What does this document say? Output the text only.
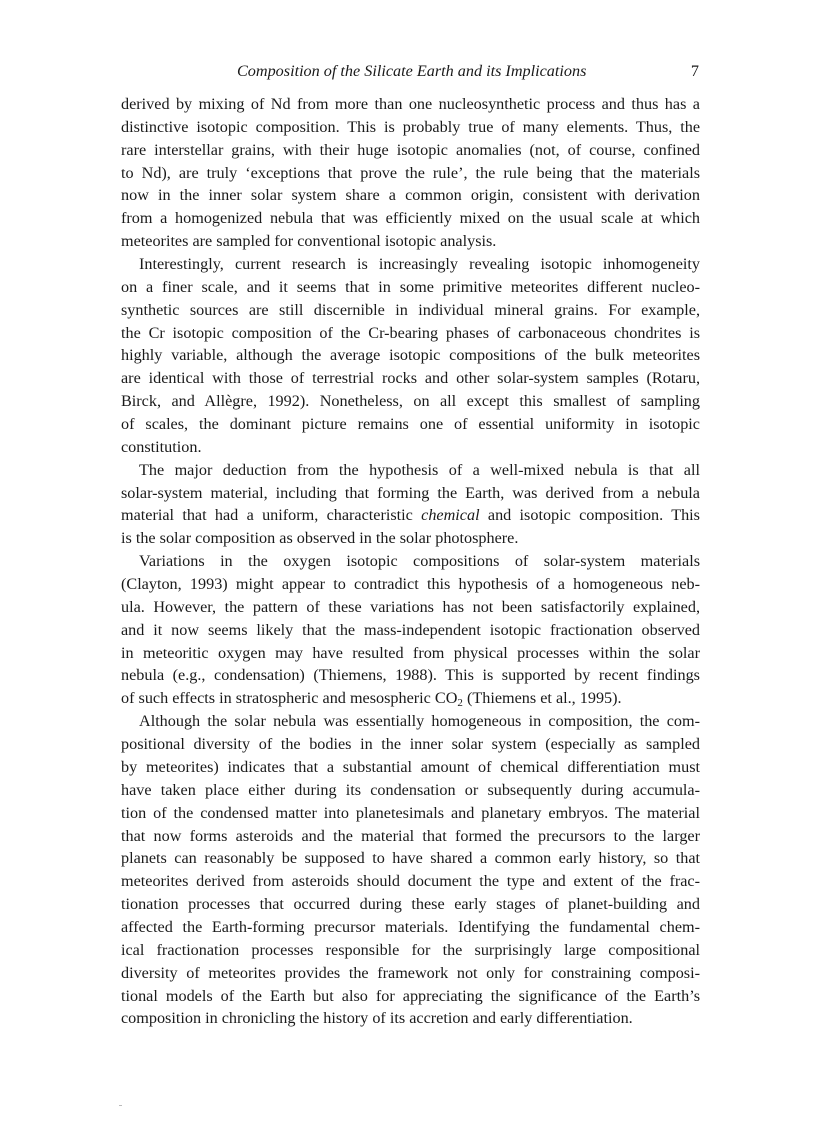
Composition of the Silicate Earth and its Implications	7
derived by mixing of Nd from more than one nucleosynthetic process and thus has a
distinctive isotopic composition. This is probably true of many elements. Thus, the
rare interstellar grains, with their huge isotopic anomalies (not, of course, confined
to Nd), are truly ‘exceptions that prove the rule’, the rule being that the materials
now in the inner solar system share a common origin, consistent with derivation
from a homogenized nebula that was efficiently mixed on the usual scale at which
meteorites are sampled for conventional isotopic analysis.
Interestingly, current research is increasingly revealing isotopic inhomogeneity
on a finer scale, and it seems that in some primitive meteorites different nucleo-
synthetic sources are still discernible in individual mineral grains. For example,
the Cr isotopic composition of the Cr-bearing phases of carbonaceous chondrites is
highly variable, although the average isotopic compositions of the bulk meteorites
are identical with those of terrestrial rocks and other solar-system samples (Rotaru,
Birck, and Allègre, 1992). Nonetheless, on all except this smallest of sampling
of scales, the dominant picture remains one of essential uniformity in isotopic
constitution.
The major deduction from the hypothesis of a well-mixed nebula is that all
solar-system material, including that forming the Earth, was derived from a nebula
material that had a uniform, characteristic chemical and isotopic composition. This
is the solar composition as observed in the solar photosphere.
Variations in the oxygen isotopic compositions of solar-system materials
(Clayton, 1993) might appear to contradict this hypothesis of a homogeneous neb-
ula. However, the pattern of these variations has not been satisfactorily explained,
and it now seems likely that the mass-independent isotopic fractionation observed
in meteoritic oxygen may have resulted from physical processes within the solar
nebula (e.g., condensation) (Thiemens, 1988). This is supported by recent findings
of such effects in stratospheric and mesospheric $CO_2$ (Thiemens et al., 1995).
Although the solar nebula was essentially homogeneous in composition, the com-
positional diversity of the bodies in the inner solar system (especially as sampled
by meteorites) indicates that a substantial amount of chemical differentiation must
have taken place either during its condensation or subsequently during accumula-
tion of the condensed matter into planetesimals and planetary embryos. The material
that now forms asteroids and the material that formed the precursors to the larger
planets can reasonably be supposed to have shared a common early history, so that
meteorites derived from asteroids should document the type and extent of the frac-
tionation processes that occurred during these early stages of planet-building and
affected the Earth-forming precursor materials. Identifying the fundamental chem-
ical fractionation processes responsible for the surprisingly large compositional
diversity of meteorites provides the framework not only for constraining composi-
tional models of the Earth but also for appreciating the significance of the Earth’s
composition in chronicling the history of its accretion and early differentiation.
